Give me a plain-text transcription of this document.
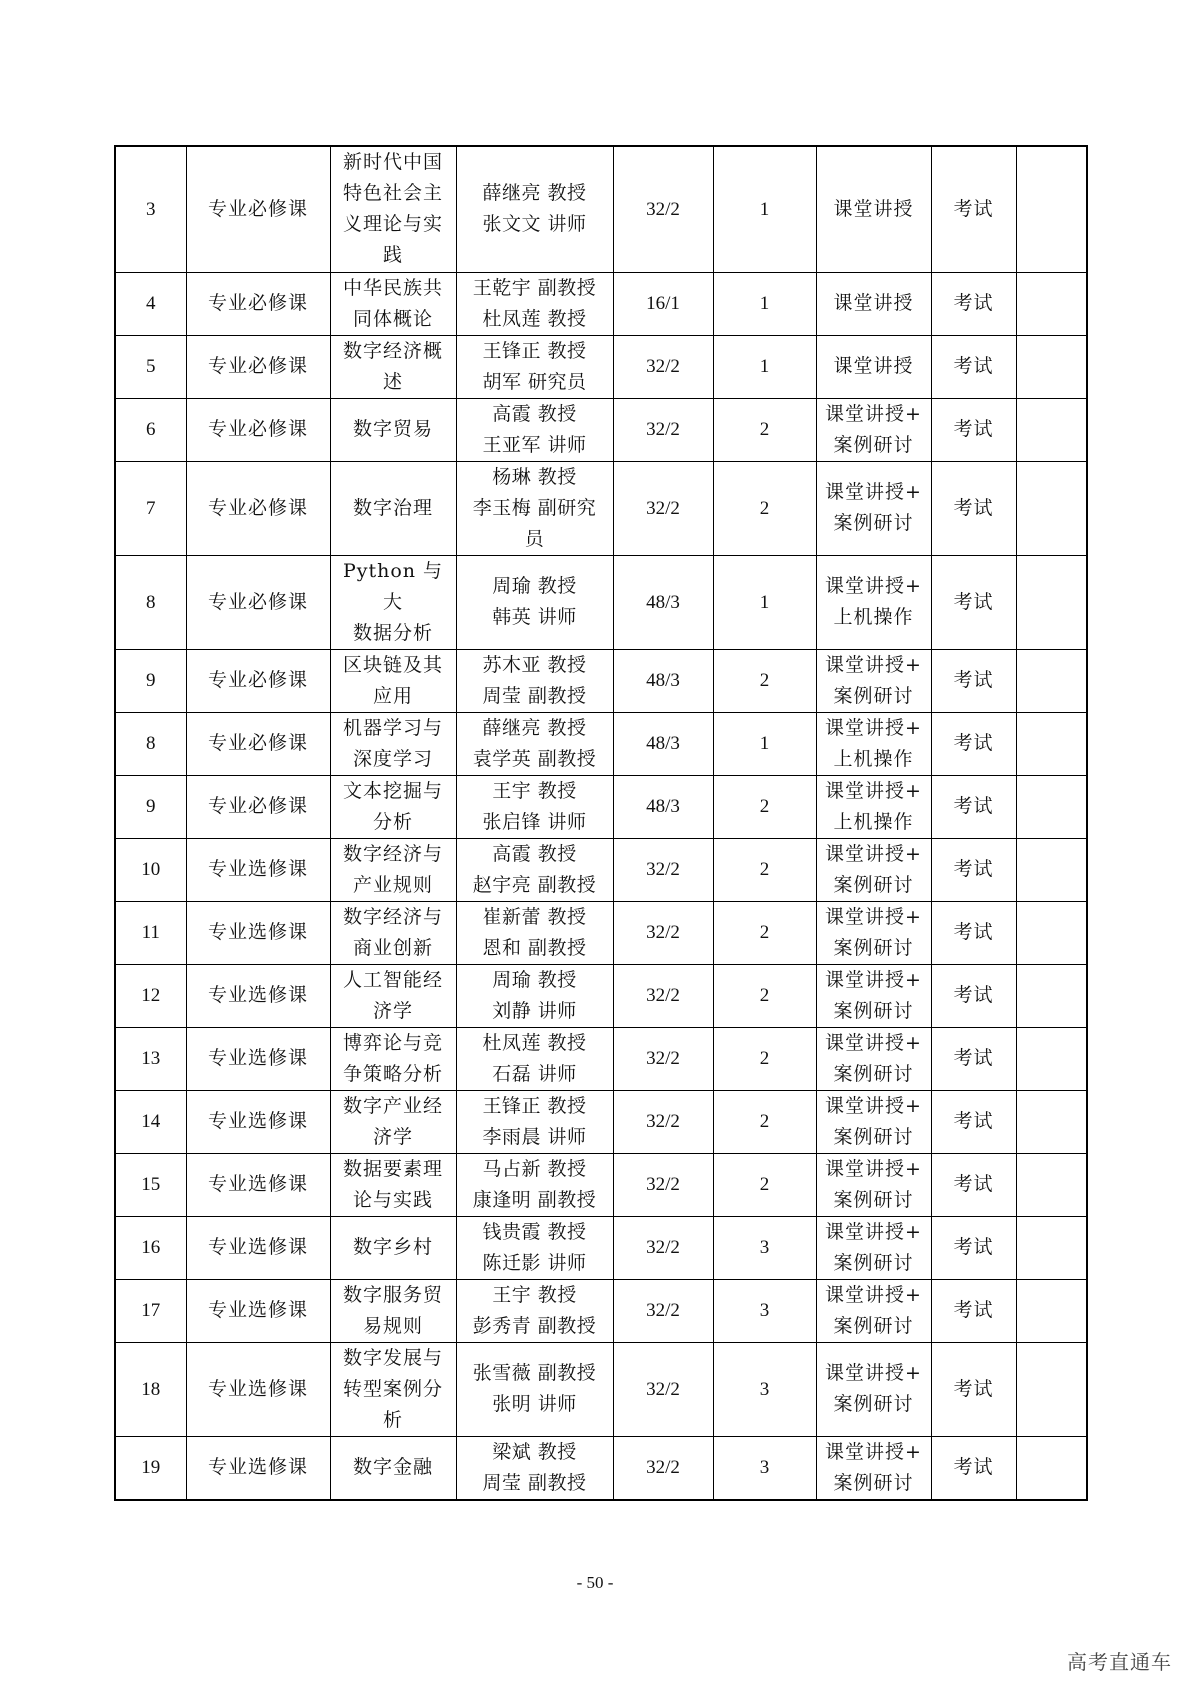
3	专业必修课	新时代中国
特色社会主
义理论与实
践	薛继亮 教授
张文文 讲师	32/2	1	课堂讲授	考试	
4	专业必修课	中华民族共
同体概论	王乾宇 副教授
杜凤莲 教授	16/1	1	课堂讲授	考试	
5	专业必修课	数字经济概
述	王锋正 教授
胡军 研究员	32/2	1	课堂讲授	考试	
6	专业必修课	数字贸易	高霞 教授
王亚军 讲师	32/2	2	课堂讲授+
案例研讨	考试	
7	专业必修课	数字治理	杨琳 教授
李玉梅 副研究
员	32/2	2	课堂讲授+
案例研讨	考试	
8	专业必修课	Python 与大
数据分析	周瑜 教授
韩英 讲师	48/3	1	课堂讲授+
上机操作	考试	
9	专业必修课	区块链及其
应用	苏木亚 教授
周莹 副教授	48/3	2	课堂讲授+
案例研讨	考试	
8	专业必修课	机器学习与
深度学习	薛继亮 教授
袁学英 副教授	48/3	1	课堂讲授+
上机操作	考试	
9	专业必修课	文本挖掘与
分析	王宇 教授
张启锋 讲师	48/3	2	课堂讲授+
上机操作	考试	
10	专业选修课	数字经济与
产业规则	高霞 教授
赵宇亮 副教授	32/2	2	课堂讲授+
案例研讨	考试	
11	专业选修课	数字经济与
商业创新	崔新蕾 教授
恩和 副教授	32/2	2	课堂讲授+
案例研讨	考试	
12	专业选修课	人工智能经
济学	周瑜 教授
刘静 讲师	32/2	2	课堂讲授+
案例研讨	考试	
13	专业选修课	博弈论与竞
争策略分析	杜凤莲 教授
石磊 讲师	32/2	2	课堂讲授+
案例研讨	考试	
14	专业选修课	数字产业经
济学	王锋正 教授
李雨晨 讲师	32/2	2	课堂讲授+
案例研讨	考试	
15	专业选修课	数据要素理
论与实践	马占新 教授
康逢明 副教授	32/2	2	课堂讲授+
案例研讨	考试	
16	专业选修课	数字乡村	钱贵霞 教授
陈迁影 讲师	32/2	3	课堂讲授+
案例研讨	考试	
17	专业选修课	数字服务贸
易规则	王宇 教授
彭秀青 副教授	32/2	3	课堂讲授+
案例研讨	考试	
18	专业选修课	数字发展与
转型案例分
析	张雪薇 副教授
张明 讲师	32/2	3	课堂讲授+
案例研讨	考试	
19	专业选修课	数字金融	梁斌 教授
周莹 副教授	32/2	3	课堂讲授+
案例研讨	考试	
- 50 -
高考直通车
